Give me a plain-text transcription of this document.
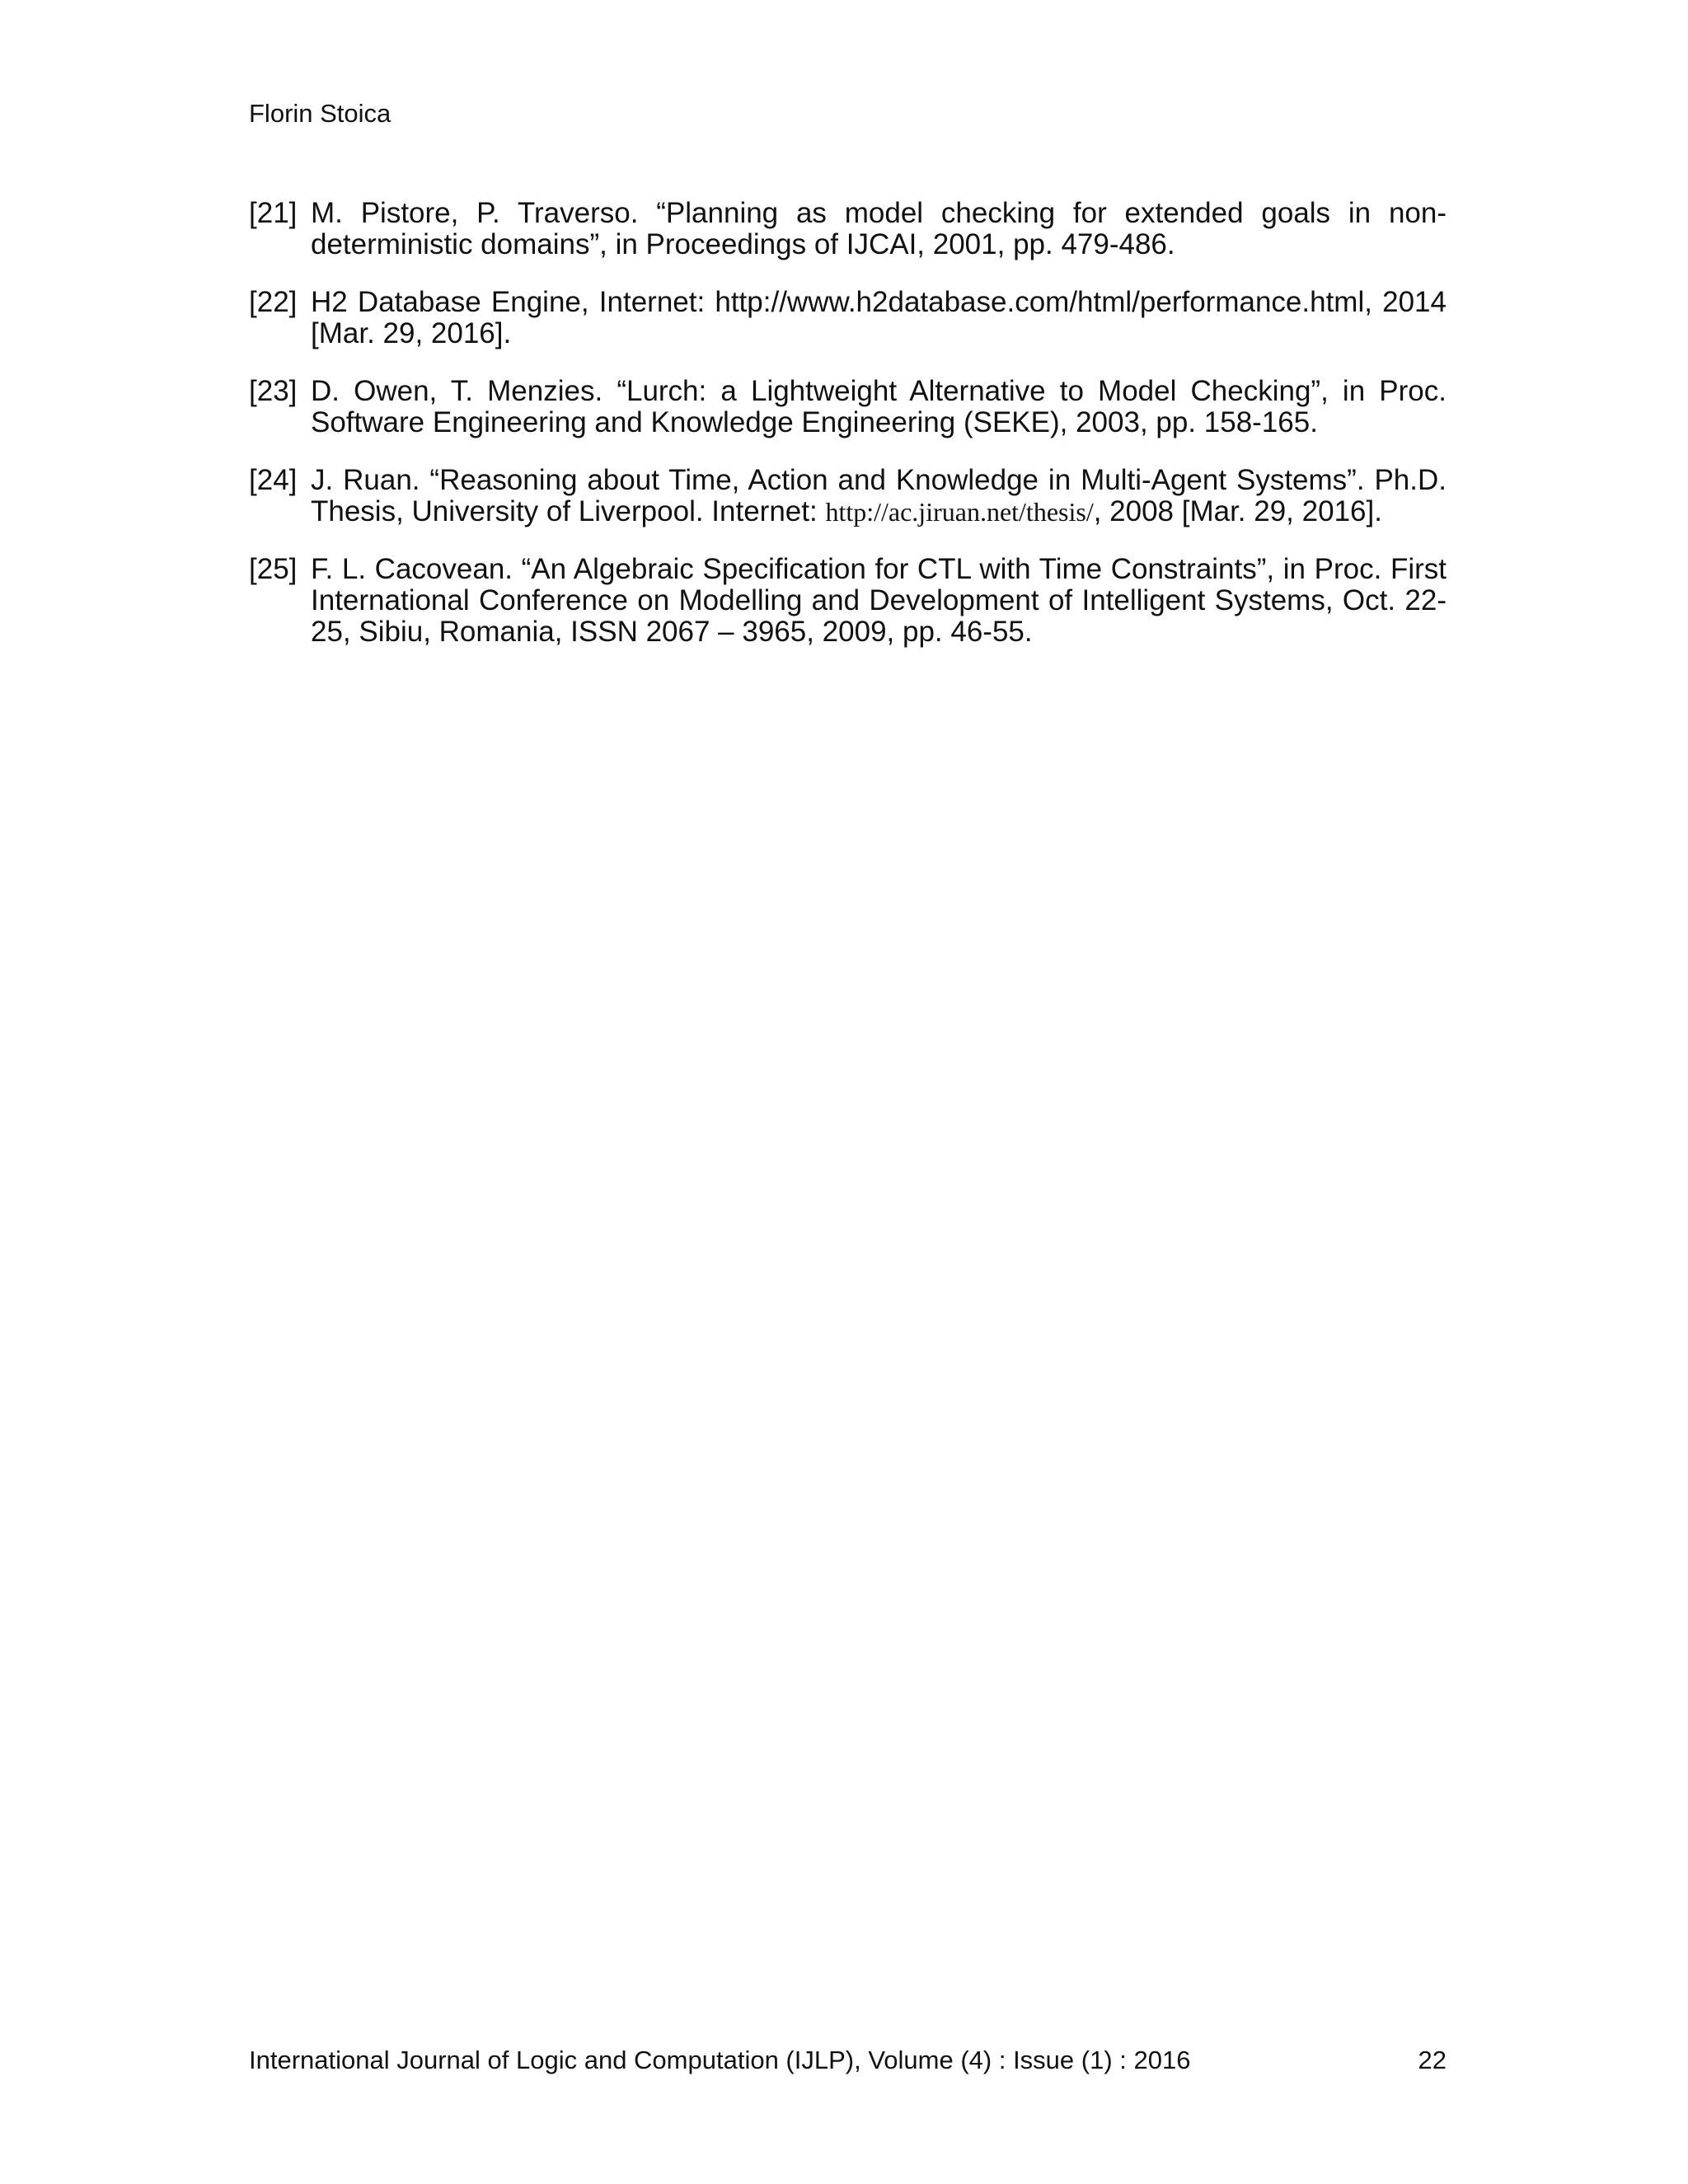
Florin Stoica
[21] M. Pistore, P. Traverso. “Planning as model checking for extended goals in non-deterministic domains”, in Proceedings of IJCAI, 2001, pp. 479-486.
[22] H2 Database Engine, Internet: http://www.h2database.com/html/performance.html, 2014 [Mar. 29, 2016].
[23] D. Owen, T. Menzies. “Lurch: a Lightweight Alternative to Model Checking”, in Proc. Software Engineering and Knowledge Engineering (SEKE), 2003, pp. 158-165.
[24] J. Ruan. “Reasoning about Time, Action and Knowledge in Multi-Agent Systems”. Ph.D. Thesis, University of Liverpool. Internet: http://ac.jiruan.net/thesis/, 2008 [Mar. 29, 2016].
[25] F. L. Cacovean. “An Algebraic Specification for CTL with Time Constraints”, in Proc. First International Conference on Modelling and Development of Intelligent Systems, Oct. 22-25, Sibiu, Romania, ISSN 2067 – 3965, 2009, pp. 46-55.
International Journal of Logic and Computation (IJLP), Volume (4) : Issue (1) : 2016	22
